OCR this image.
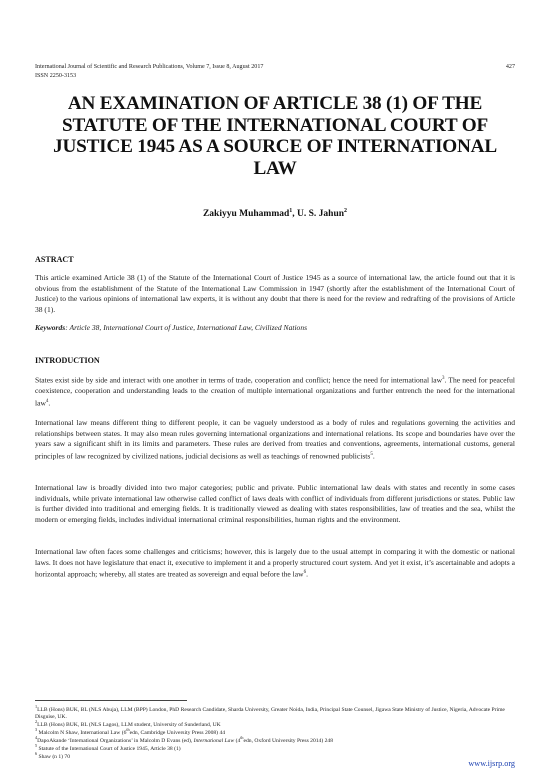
International Journal of Scientific and Research Publications, Volume 7, Issue 8, August 2017
ISSN 2250-3153
427
AN EXAMINATION OF ARTICLE 38 (1) OF THE STATUTE OF THE INTERNATIONAL COURT OF JUSTICE 1945 AS A SOURCE OF INTERNATIONAL LAW
Zakiyyu Muhammad$^1$, U. S. Jahun$^2$
ASTRACT
This article examined Article 38 (1) of the Statute of the International Court of Justice 1945 as a source of international law, the article found out that it is obvious from the establishment of the Statute of the International Law Commission in 1947 (shortly after the establishment of the International Court of Justice) to the various opinions of international law experts, it is without any doubt that there is need for the review and redrafting of the provisions of Article 38 (1).
Keywords: Article 38, International Court of Justice, International Law, Civilized Nations
INTRODUCTION
States exist side by side and interact with one another in terms of trade, cooperation and conflict; hence the need for international law$^3$. The need for peaceful coexistence, cooperation and understanding leads to the creation of multiple international organizations and further entrench the need for the international law$^4$.
International law means different thing to different people, it can be vaguely understood as a body of rules and regulations governing the activities and relationships between states. It may also mean rules governing international organizations and international relations. Its scope and boundaries have over the years saw a significant shift in its limits and parameters. These rules are derived from treaties and conventions, agreements, international customs, general principles of law recognized by civilized nations, judicial decisions as well as teachings of renowned publicists$^5$.
International law is broadly divided into two major categories; public and private. Public international law deals with states and recently in some cases individuals, while private international law otherwise called conflict of laws deals with conflict of individuals from different jurisdictions or states. Public law is further divided into traditional and emerging fields. It is traditionally viewed as dealing with states responsibilities, law of treaties and the sea, whilst the modern or emerging fields, includes individual international criminal responsibilities, human rights and the environment.
International law often faces some challenges and criticisms; however, this is largely due to the usual attempt in comparing it with the domestic or national laws. It does not have legislature that enact it, executive to implement it and a properly structured court system. And yet it exist, it’s ascertainable and adopts a horizontal approach; whereby, all states are treated as sovereign and equal before the law$^6$.
$^1$LLB (Hons) BUK, BL (NLS Abuja), LLM (BPP) London, PhD Research Candidate, Sharda University, Greater Noida, India, Principal State Counsel, Jigawa State Ministry of Justice, Nigeria, Advocate Prime Disguise, UK.
$^2$LLB (Hons) BUK, BL (NLS Lagos), LLM student, University of Sunderland, UK
$^3$ Malcolm N Shaw, International Law (6thedn, Cambridge University Press 2008) 44
$^4$DapoAkande ‘International Organizations’ in Malcolm D Evans (ed), International Law (4thedn, Oxford University Press 2014) 248
$^5$ Statute of the International Court of Justice 1945, Article 38 (1)
$^6$ Shaw (n 1) 70
www.ijsrp.org
